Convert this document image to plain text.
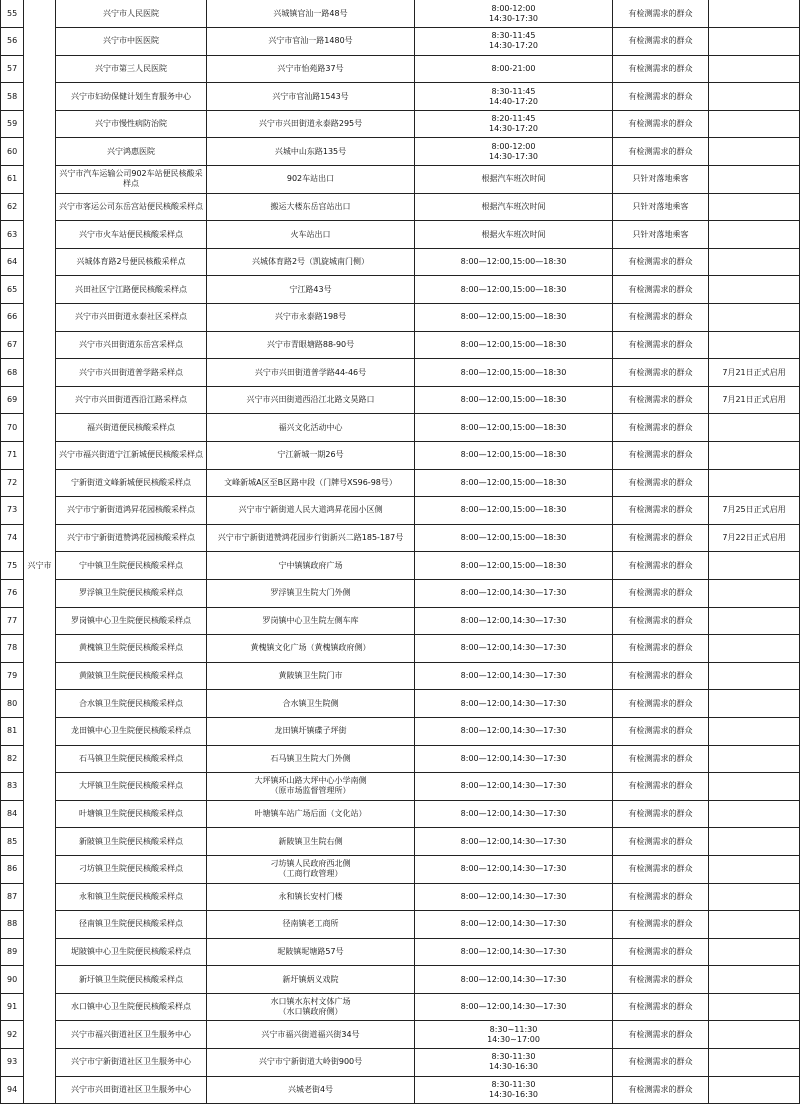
55		兴宁市人民医院	兴城镇官汕一路48号	8:00-12:00
14:30-17:30	有检测需求的群众	
56		兴宁市中医医院	兴宁市官汕一路1480号	8:30-11:45
14:30-17:20	有检测需求的群众	
57		兴宁市第三人民医院	兴宁市怡苑路37号	8:00-21:00	有检测需求的群众	
58		兴宁市妇幼保健计划生育服务中心	兴宁市官汕路1543号	8:30-11:45
14:40-17:20	有检测需求的群众	
59		兴宁市慢性病防治院	兴宁市兴田街道永泰路295号	8:20-11:45
14:30-17:20	有检测需求的群众	
60		兴宁鸿惠医院	兴城中山东路135号	8:00-12:00
14:30-17:30	有检测需求的群众	
61		兴宁市汽车运输公司902车站便民核酸采样点	902车站出口	根据汽车班次时间	只针对落地乘客	
62		兴宁市客运公司东岳宫站便民核酸采样点	搬运大楼东岳宫站出口	根据汽车班次时间	只针对落地乘客	
63		兴宁市火车站便民核酸采样点	火车站出口	根据火车班次时间	只针对落地乘客	
64		兴城体育路2号便民核酸采样点	兴城体育路2号（凯旋城南门侧）	8:00—12:00,15:00—18:30	有检测需求的群众	
65		兴田社区宁江路便民核酸采样点	宁江路43号	8:00—12:00,15:00—18:30	有检测需求的群众	
66		兴宁市兴田街道永泰社区采样点	兴宁市永泰路198号	8:00—12:00,15:00—18:30	有检测需求的群众	
67		兴宁市兴田街道东岳宫采样点	兴宁市青眼塘路88-90号	8:00—12:00,15:00—18:30	有检测需求的群众	
68		兴宁市兴田街道普学路采样点	兴宁市兴田街道普学路44-46号	8:00—12:00,15:00—18:30	有检测需求的群众	7月21日正式启用
69		兴宁市兴田街道西沿江路采样点	兴宁市兴田街道西沿江北路文昊路口	8:00—12:00,15:00—18:30	有检测需求的群众	7月21日正式启用
70		福兴街道便民核酸采样点	福兴文化活动中心	8:00—12:00,15:00—18:30	有检测需求的群众	
71		兴宁市福兴街道宁江新城便民核酸采样点	宁江新城一期26号	8:00—12:00,15:00—18:30	有检测需求的群众	
72		宁新街道文峰新城便民核酸采样点	文峰新城A区至B区路中段（门牌号XS96-98号）	8:00—12:00,15:00—18:30	有检测需求的群众	
73		兴宁市宁新街道鸿昇花园核酸采样点	兴宁市宁新街道人民大道鸿昇花园小区侧	8:00—12:00,15:00—18:30	有检测需求的群众	7月25日正式启用
74		兴宁市宁新街道赞鸿花园核酸采样点	兴宁市宁新街道赞鸿花园步行街新兴二路185-187号	8:00—12:00,15:00—18:30	有检测需求的群众	7月22日正式启用
75	兴宁市	宁中镇卫生院便民核酸采样点	宁中镇镇政府广场	8:00—12:00,15:00—18:30	有检测需求的群众	
76		罗浮镇卫生院便民核酸采样点	罗浮镇卫生院大门外侧	8:00—12:00,14:30—17:30	有检测需求的群众	
77		罗岗镇中心卫生院便民核酸采样点	罗岗镇中心卫生院左侧车库	8:00—12:00,14:30—17:30	有检测需求的群众	
78		黄槐镇卫生院便民核酸采样点	黄槐镇文化广场（黄槐镇政府侧）	8:00—12:00,14:30—17:30	有检测需求的群众	
79		黄陂镇卫生院便民核酸采样点	黄陂镇卫生院门市	8:00—12:00,14:30—17:30	有检测需求的群众	
80		合水镇卫生院便民核酸采样点	合水镇卫生院侧	8:00—12:00,14:30—17:30	有检测需求的群众	
81		龙田镇中心卫生院便民核酸采样点	龙田镇圩镇碟子坪街	8:00—12:00,14:30—17:30	有检测需求的群众	
82		石马镇卫生院便民核酸采样点	石马镇卫生院大门外侧	8:00—12:00,14:30—17:30	有检测需求的群众	
83		大坪镇卫生院便民核酸采样点	大坪镇环山路大坪中心小学南侧
（原市场监督管理所）	8:00—12:00,14:30—17:30	有检测需求的群众	
84		叶塘镇卫生院便民核酸采样点	叶塘镇车站广场后面（文化站）	8:00—12:00,14:30—17:30	有检测需求的群众	
85		新陂镇卫生院便民核酸采样点	新陂镇卫生院右侧	8:00—12:00,14:30—17:30	有检测需求的群众	
86		刁坊镇卫生院便民核酸采样点	刁坊镇人民政府西北侧
（工商行政管理）	8:00—12:00,14:30—17:30	有检测需求的群众	
87		永和镇卫生院便民核酸采样点	永和镇长安村门楼	8:00—12:00,14:30—17:30	有检测需求的群众	
88		径南镇卫生院便民核酸采样点	径南镇老工商所	8:00—12:00,14:30—17:30	有检测需求的群众	
89		坭陂镇中心卫生院便民核酸采样点	坭陂镇坭塘路57号	8:00—12:00,14:30—17:30	有检测需求的群众	
90		新圩镇卫生院便民核酸采样点	新圩镇炳义戏院	8:00—12:00,14:30—17:30	有检测需求的群众	
91		水口镇中心卫生院便民核酸采样点	水口镇水东村文体广场
（水口镇政府侧）	8:00—12:00,14:30—17:30	有检测需求的群众	
92		兴宁市福兴街道社区卫生服务中心	兴宁市福兴街道福兴街34号	8:30~11:30
14:30~17:00	有检测需求的群众	
93		兴宁市宁新街道社区卫生服务中心	兴宁市宁新街道大岭街900号	8:30-11:30
14:30-16:30	有检测需求的群众	
94		兴宁市兴田街道社区卫生服务中心	兴城老街4号	8:30-11:30
14:30-16:30	有检测需求的群众	
